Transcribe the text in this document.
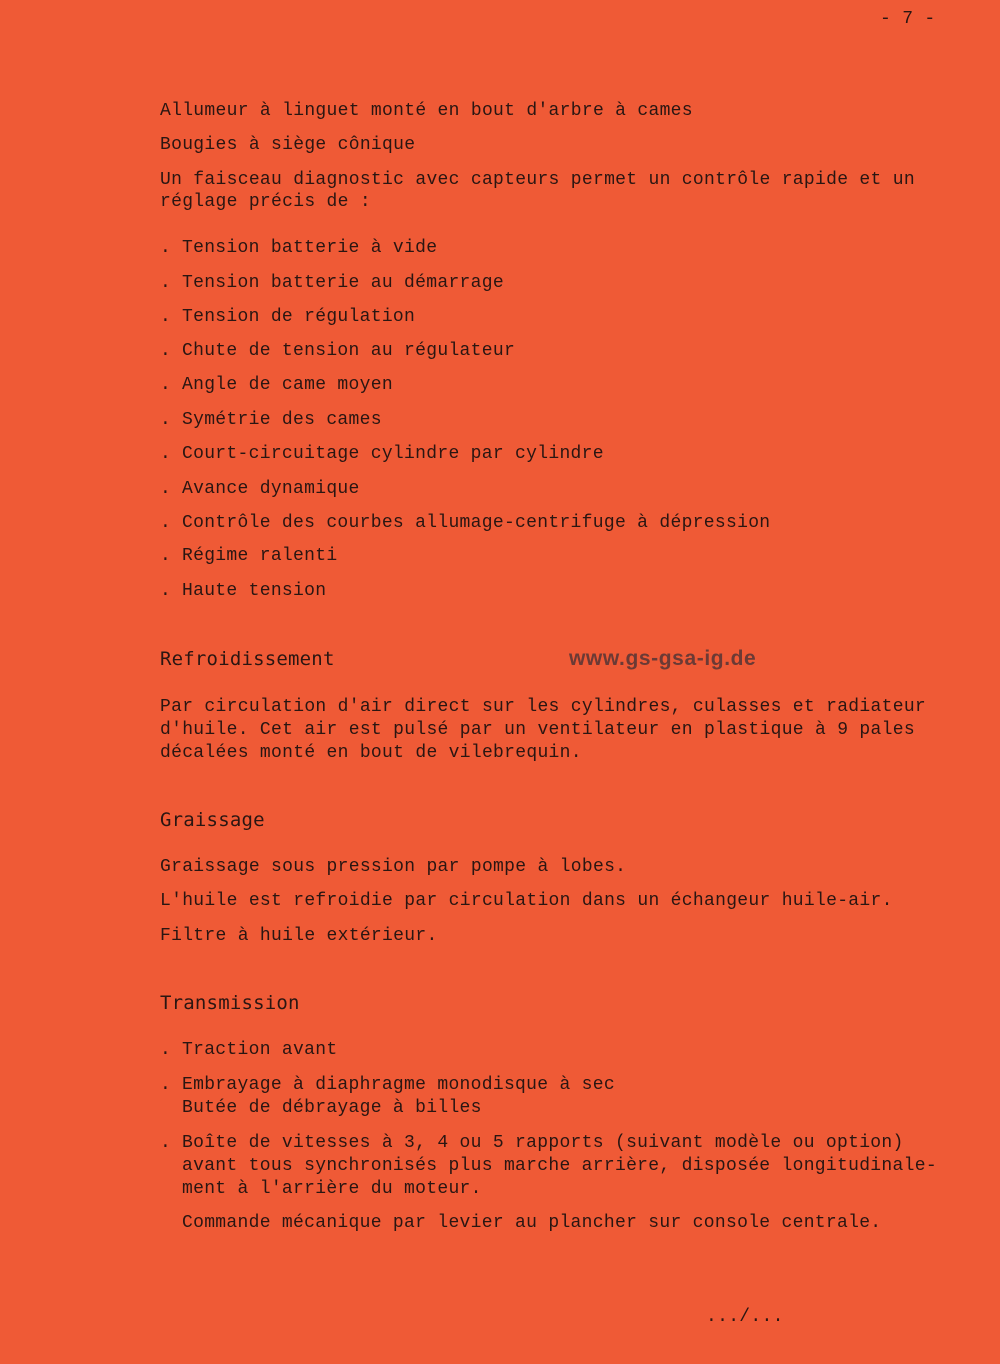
- 7 -
Allumeur à linguet monté en bout d'arbre à cames
Bougies à siège cônique
Un faisceau diagnostic avec capteurs permet un contrôle rapide et un
réglage précis de :
. Tension batterie à vide
. Tension batterie au démarrage
. Tension de régulation
. Chute de tension au régulateur
. Angle de came moyen
. Symétrie des cames
. Court-circuitage cylindre par cylindre
. Avance dynamique
. Contrôle des courbes allumage-centrifuge à dépression
. Régime ralenti
. Haute tension
Refroidissement	www.gs-gsa-ig.de
Par circulation d'air direct sur les cylindres, culasses et radiateur
d'huile. Cet air est pulsé par un ventilateur en plastique à 9 pales
décalées monté en bout de vilebrequin.
Graissage
Graissage sous pression par pompe à lobes.
L'huile est refroidie par circulation dans un échangeur huile-air.
Filtre à huile extérieur.
Transmission
. Traction avant
. Embrayage à diaphragme monodisque à sec
Butée de débrayage à billes
. Boîte de vitesses à 3, 4 ou 5 rapports (suivant modèle ou option)
avant tous synchronisés plus marche arrière, disposée longitudinale-
ment à l'arrière du moteur.
Commande mécanique par levier au plancher sur console centrale.
.../...
